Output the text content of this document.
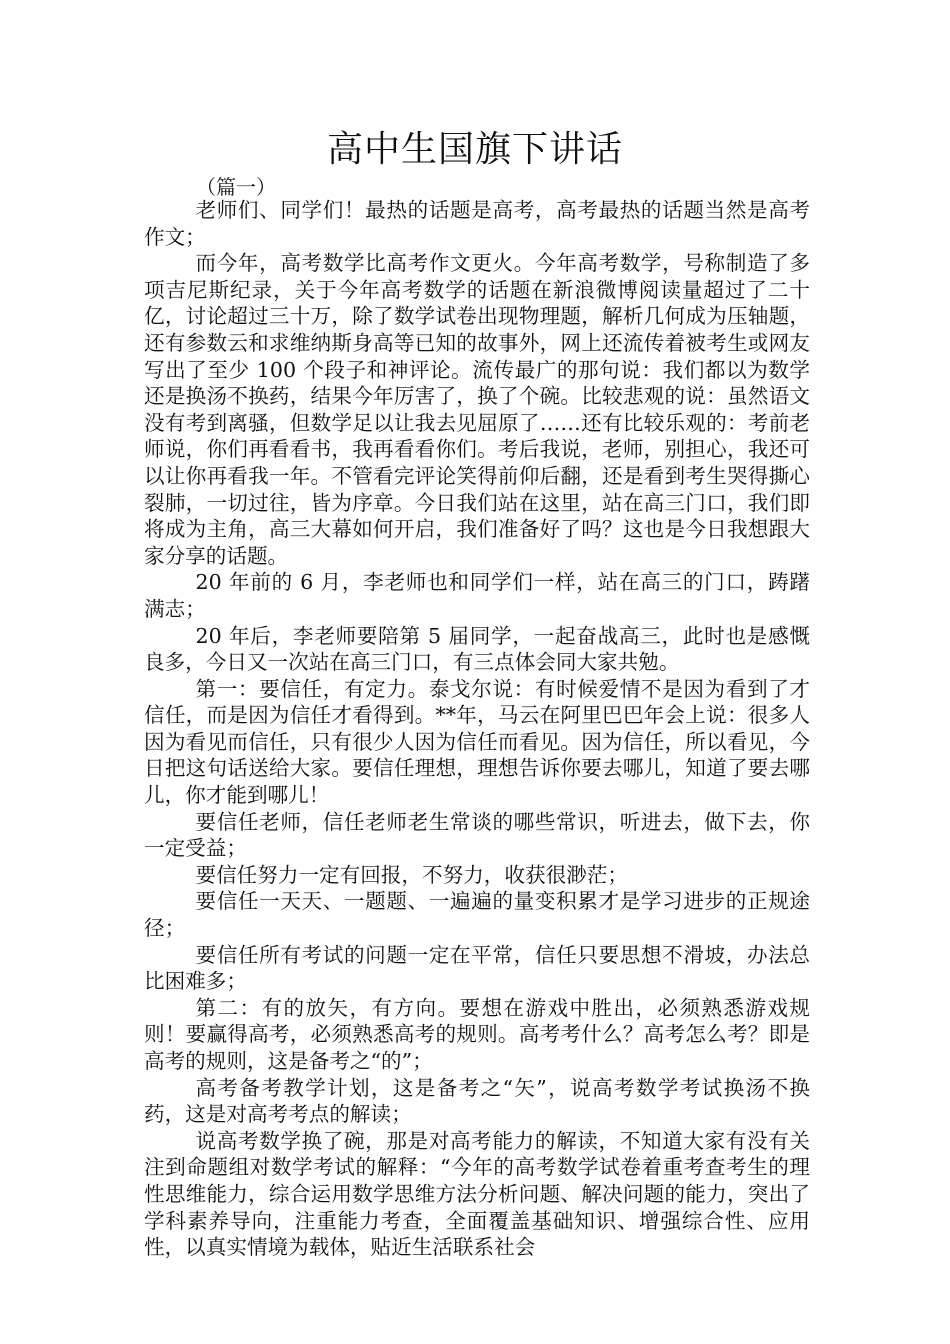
高中生国旗下讲话
（篇一）

老师们、同学们！最热的话题是高考，高考最热的话题当然是高考作文；

而今年，高考数学比高考作文更火。今年高考数学，号称制造了多项吉尼斯纪录，关于今年高考数学的话题在新浪微博阅读量超过了二十亿，讨论超过三十万，除了数学试卷出现物理题，解析几何成为压轴题，还有参数云和求维纳斯身高等已知的故事外，网上还流传着被考生或网友写出了至少 100 个段子和神评论。流传最广的那句说：我们都以为数学还是换汤不换药，结果今年厉害了，换了个碗。比较悲观的说：虽然语文没有考到离骚，但数学足以让我去见屈原了……还有比较乐观的：考前老师说，你们再看看书，我再看看你们。考后我说，老师，别担心，我还可以让你再看我一年。不管看完评论笑得前仰后翻，还是看到考生哭得撕心裂肺，一切过往，皆为序章。今日我们站在这里，站在高三门口，我们即将成为主角，高三大幕如何开启，我们准备好了吗？这也是今日我想跟大家分享的话题。

20 年前的 6 月，李老师也和同学们一样，站在高三的门口，踌躇满志；

20 年后，李老师要陪第 5 届同学，一起奋战高三，此时也是感慨良多，今日又一次站在高三门口，有三点体会同大家共勉。

第一：要信任，有定力。泰戈尔说：有时候爱情不是因为看到了才信任，而是因为信任才看得到。**年，马云在阿里巴巴年会上说：很多人因为看见而信任，只有很少人因为信任而看见。因为信任，所以看见，今日把这句话送给大家。要信任理想，理想告诉你要去哪儿，知道了要去哪儿，你才能到哪儿！

要信任老师，信任老师老生常谈的哪些常识，听进去，做下去，你一定受益；

要信任努力一定有回报，不努力，收获很渺茫；

要信任一天天、一题题、一遍遍的量变积累才是学习进步的正规途径；

要信任所有考试的问题一定在平常，信任只要思想不滑坡，办法总比困难多；

第二：有的放矢，有方向。要想在游戏中胜出，必须熟悉游戏规则！要赢得高考，必须熟悉高考的规则。高考考什么？高考怎么考？即是高考的规则，这是备考之“的”；

高考备考教学计划，这是备考之“矢”，说高考数学考试换汤不换药，这是对高考考点的解读；

说高考数学换了碗，那是对高考能力的解读，不知道大家有没有关注到命题组对数学考试的解释：“今年的高考数学试卷着重考查考生的理性思维能力，综合运用数学思维方法分析问题、解决问题的能力，突出了学科素养导向，注重能力考查，全面覆盖基础知识、增强综合性、应用性，以真实情境为载体，贴近生活联系社会
